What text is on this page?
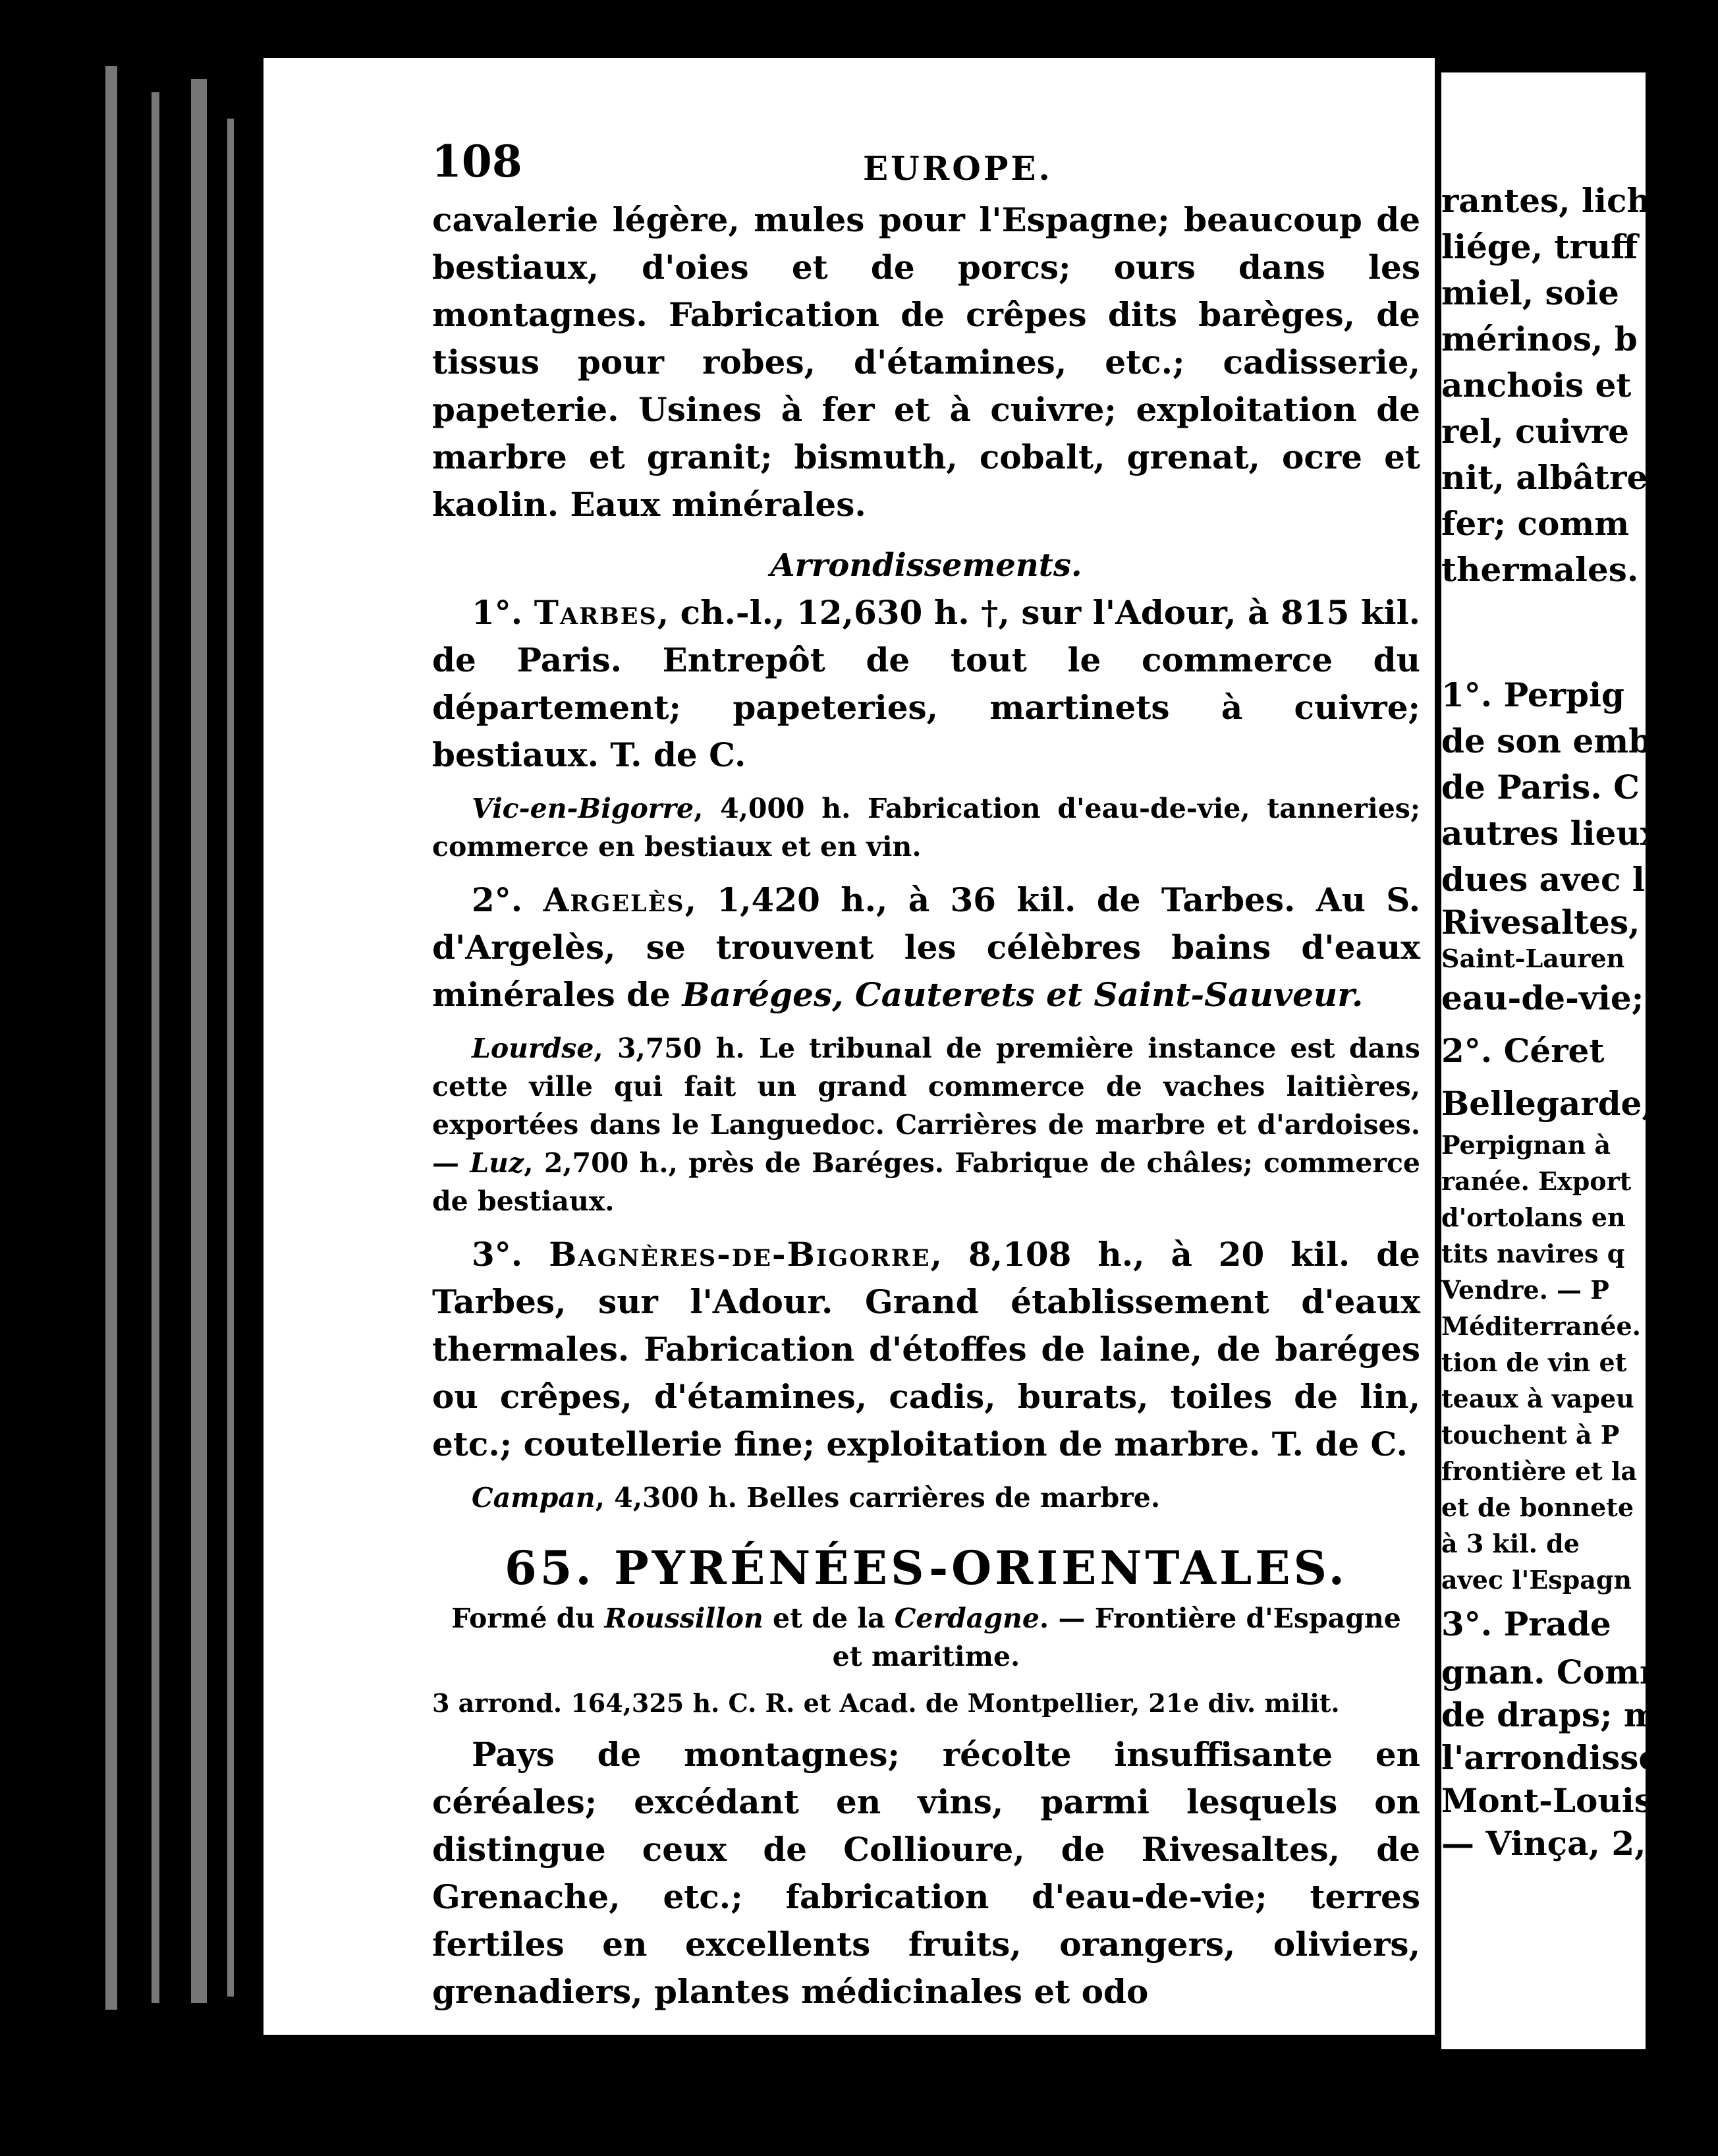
108	EUROPE.

cavalerie légère, mules pour l'Espagne; beaucoup de bestiaux, d'oies et de porcs; ours dans les montagnes. Fabrication de crêpes dits barèges, de tissus pour robes, d'étamines, etc.; cadisserie, papeterie. Usines à fer et à cuivre; exploitation de marbre et granit; bismuth, cobalt, grenat, ocre et kaolin. Eaux minérales.

Arrondissements.

1°. Tarbes, ch.-l., 12,630 h. †, sur l'Adour, à 815 kil. de Paris. Entrepôt de tout le commerce du département; papeteries, martinets à cuivre; bestiaux. T. de C.

Vic-en-Bigorre, 4,000 h. Fabrication d'eau-de-vie, tanneries; commerce en bestiaux et en vin.

2°. Argelès, 1,420 h., à 36 kil. de Tarbes. Au S. d'Argelès, se trouvent les célèbres bains d'eaux minérales de Baréges, Cauterets et Saint-Sauveur.

Lourdse, 3,750 h. Le tribunal de première instance est dans cette ville qui fait un grand commerce de vaches laitières, exportées dans le Languedoc. Carrières de marbre et d'ardoises. — Luz, 2,700 h., près de Baréges. Fabrique de châles; commerce de bestiaux.

3°. Bagnères-de-Bigorre, 8,108 h., à 20 kil. de Tarbes, sur l'Adour. Grand établissement d'eaux thermales. Fabrication d'étoffes de laine, de baréges ou crêpes, d'étamines, cadis, burats, toiles de lin, etc.; coutellerie fine; exploitation de marbre. T. de C.

Campan, 4,300 h. Belles carrières de marbre.

65. PYRÉNÉES-ORIENTALES.

Formé du Roussillon et de la Cerdagne. — Frontière d'Espagne et maritime.

3 arrond. 164,325 h. C. R. et Acad. de Montpellier, 21e div. milit.

Pays de montagnes; récolte insuffisante en céréales; excédant en vins, parmi lesquels on distingue ceux de Collioure, de Rivesaltes, de Grenache, etc.; fabrication d'eau-de-vie; terres fertiles en excellents fruits, orangers, oliviers, grenadiers, plantes médicinales et odo

rantes, lich
liége, truff
miel, soie
mérinos, b
anchois et
rel, cuivre
nit, albâtre
fer; comm
thermales.
1°. Perpig
de son emb
de Paris. C
autres lieux
dues avec l'
Rivesaltes,
Saint-Lauren
eau-de-vie; c
2°. Céret
Bellegarde,
Perpignan à
ranée. Export
d'ortolans en
tits navires q
Vendre. — P
Méditerranée.
tion de vin et
teaux à vapeu
touchent à P
frontière et la
et de bonnete
à 3 kil. de
avec l'Espagn
3°. Prade
gnan. Comm
de draps; m
l'arrondisse
Mont-Louis
— Vinça, 2,
